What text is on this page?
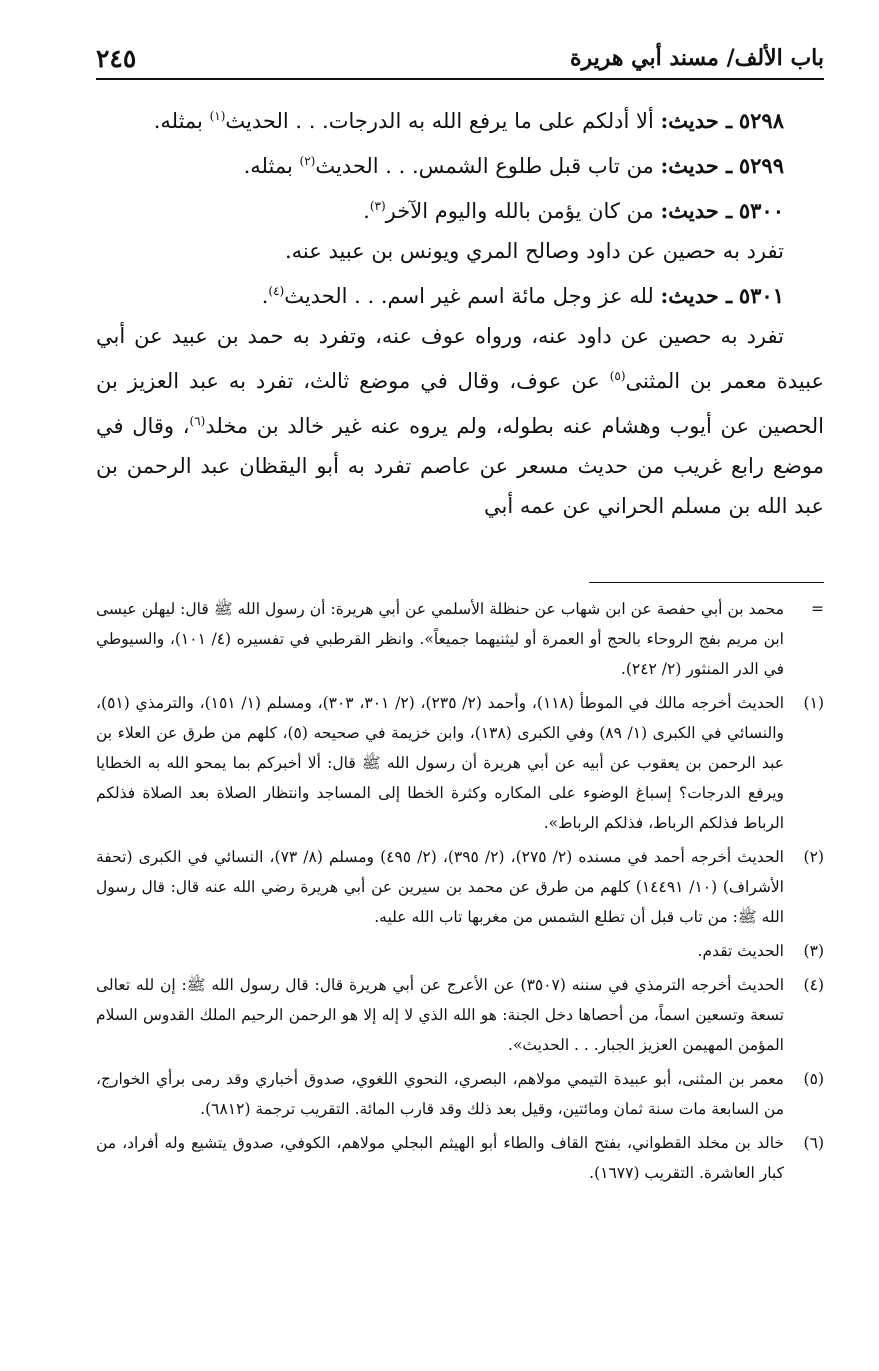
باب الألف/ مسند أبي هريرة
٢٤٥

٥٢٩٨ ـ حديث: ألا أدلكم على ما يرفع الله به الدرجات. . . الحديث$^{(١)}$ بمثله.

٥٢٩٩ ـ حديث: من تاب قبل طلوع الشمس. . . الحديث$^{(٢)}$ بمثله.

٥٣٠٠ ـ حديث: من كان يؤمن بالله واليوم الآخر$^{(٣)}$.

تفرد به حصين عن داود وصالح المري ويونس بن عبيد عنه.

٥٣٠١ ـ حديث: لله عز وجل مائة اسم غير اسم. . . الحديث$^{(٤)}$.

تفرد به حصين عن داود عنه، ورواه عوف عنه، وتفرد به حمد بن عبيد عن أبي عبيدة معمر بن المثنى$^{(٥)}$ عن عوف، وقال في موضع ثالث، تفرد به عبد العزيز بن الحصين عن أيوب وهشام عنه بطوله، ولم يروه عنه غير خالد بن مخلد$^{(٦)}$، وقال في موضع رابع غريب من حديث مسعر عن عاصم تفرد به أبو اليقظان عبد الرحمن بن عبد الله بن مسلم الحراني عن عمه أبي

=
محمد بن أبي حفصة عن ابن شهاب عن حنظلة الأسلمي عن أبي هريرة: أن رسول الله ﷺ قال: ليهلن عيسى ابن مريم بفج الروحاء بالحج أو العمرة أو ليثنيهما جميعاً». وانظر القرطبي في تفسيره (٤/ ١٠١)، والسيوطي في الدر المنثور (٢/ ٢٤٢).
(١)
الحديث أخرجه مالك في الموطأ (١١٨)، وأحمد (٢/ ٢٣٥)، (٢/ ٣٠١، ٣٠٣)، ومسلم (١/ ١٥١)، والترمذي (٥١)، والنسائي في الكبرى (١/ ٨٩) وفي الكبرى (١٣٨)، وابن خزيمة في صحيحه (٥)، كلهم من طرق عن العلاء بن عبد الرحمن بن يعقوب عن أبيه عن أبي هريرة أن رسول الله ﷺ قال: ألا أخبركم بما يمحو الله به الخطايا ويرفع الدرجات؟ إسباغ الوضوء على المكاره وكثرة الخطا إلى المساجد وانتظار الصلاة بعد الصلاة فذلكم الرباط فذلكم الرباط، فذلكم الرباط».
(٢)
الحديث أخرجه أحمد في مسنده (٢/ ٢٧٥)، (٢/ ٣٩٥)، (٢/ ٤٩٥) ومسلم (٨/ ٧٣)، النسائي في الكبرى (تحفة الأشراف) (١٠/ ١٤٤٩١) كلهم من طرق عن محمد بن سيرين عن أبي هريرة رضي الله عنه قال: قال رسول الله ﷺ: من تاب قبل أن تطلع الشمس من مغربها تاب الله عليه.
(٣)
الحديث تقدم.
(٤)
الحديث أخرجه الترمذي في سننه (٣٥٠٧) عن الأعرج عن أبي هريرة قال: قال رسول الله ﷺ: إن لله تعالى تسعة وتسعين اسماً، من أحصاها دخل الجنة: هو الله الذي لا إله إلا هو الرحمن الرحيم الملك القدوس السلام المؤمن المهيمن العزيز الجبار. . . الحديث».
(٥)
معمر بن المثنى، أبو عبيدة التيمي مولاهم، البصري، النحوي اللغوي، صدوق أخباري وقد رمى برأي الخوارج، من السابعة مات سنة ثمان ومائتين، وقيل بعد ذلك وقد قارب المائة. التقريب ترجمة (٦٨١٢).
(٦)
خالد بن مخلد القطواني، بفتح القاف والطاء أبو الهيثم البجلي مولاهم، الكوفي، صدوق يتشيع وله أفراد، من كبار العاشرة. التقريب (١٦٧٧).
